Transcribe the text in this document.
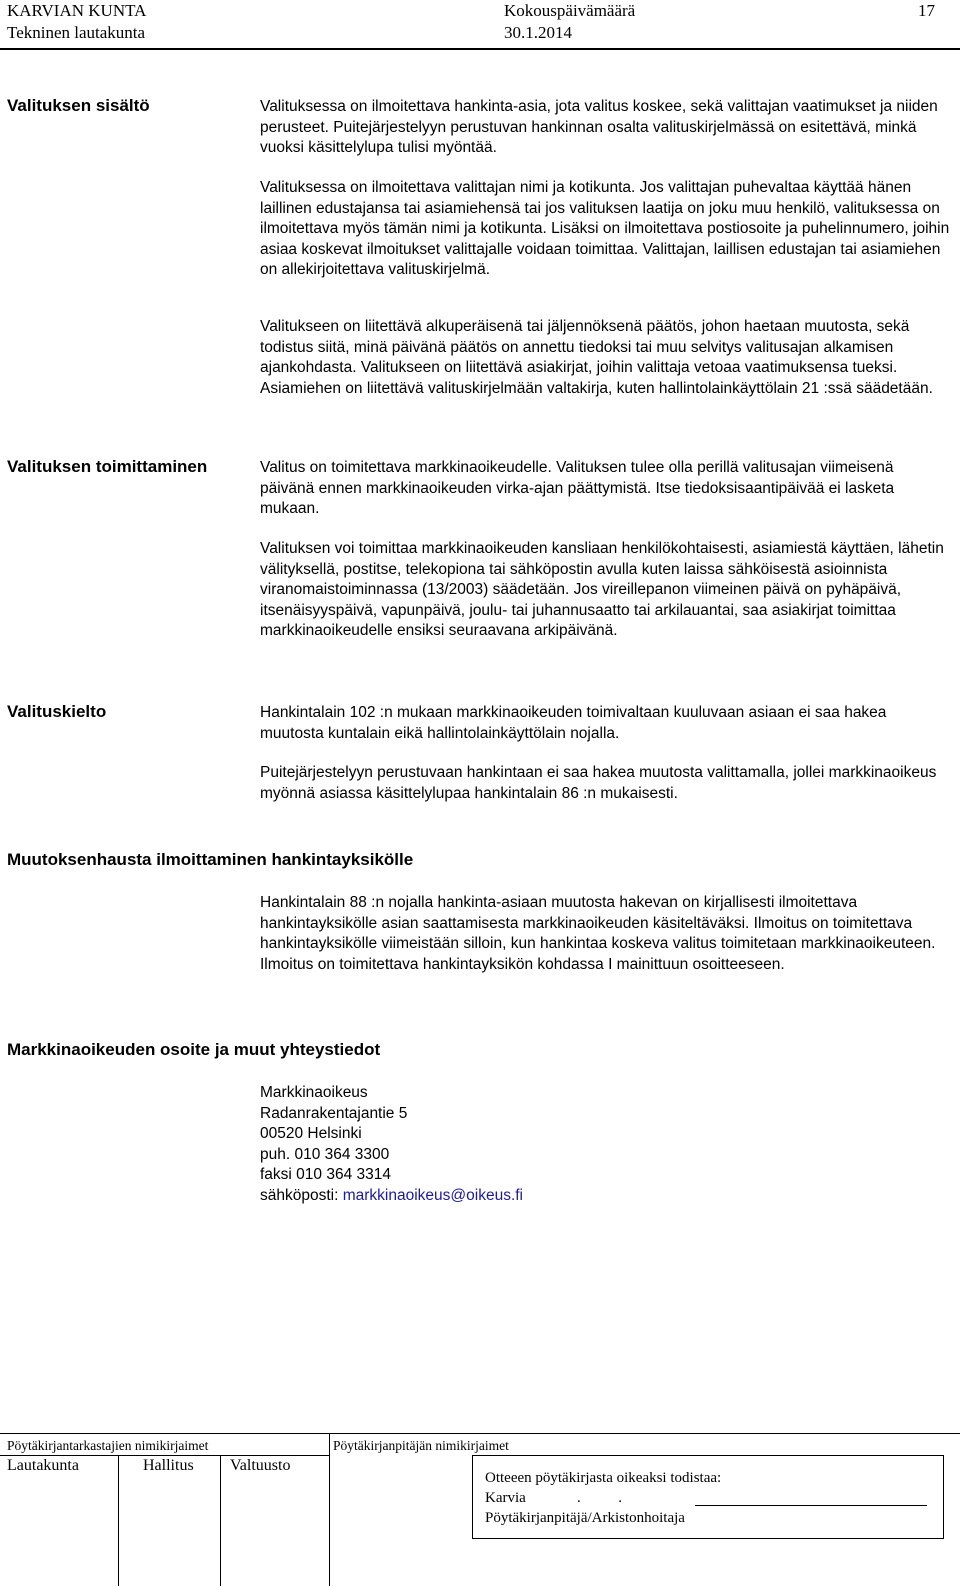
KARVIAN KUNTA
Tekninen lautakunta
Kokouspäivämäärä
30.1.2014
17
Valituksen sisältö	Valituksessa on ilmoitettava hankinta-asia, jota valitus koskee, sekä valittajan vaatimukset ja niiden perusteet. Puitejärjestelyyn perustuvan hankinnan osalta valituskirjelmässä on esitettävä, minkä vuoksi käsittelylupa tulisi myöntää.

Valituksessa on ilmoitettava valittajan nimi ja kotikunta. Jos valittajan puhevaltaa käyttää hänen laillinen edustajansa tai asiamiehensä tai jos valituksen laatija on joku muu henkilö, valituksessa on ilmoitettava myös tämän nimi ja kotikunta. Lisäksi on ilmoitettava postiosoite ja puhelinnumero, joihin asiaa koskevat ilmoitukset valittajalle voidaan toimittaa. Valittajan, laillisen edustajan tai asiamiehen on allekirjoitettava valituskirjelmä.

Valitukseen on liitettävä alkuperäisenä tai jäljennöksenä päätös, johon haetaan muutosta, sekä todistus siitä, minä päivänä päätös on annettu tiedoksi tai muu selvitys valitusajan alkamisen ajankohdasta. Valitukseen on liitettävä asiakirjat, joihin valittaja vetoaa vaatimuksensa tueksi. Asiamiehen on liitettävä valituskirjelmään valtakirja, kuten hallintolainkäyttölain 21 :ssä säädetään.

Valituksen toimittaminen	Valitus on toimitettava markkinaoikeudelle. Valituksen tulee olla perillä valitusajan viimeisenä päivänä ennen markkinaoikeuden virka-ajan päättymistä. Itse tiedoksisaantipäivää ei lasketa mukaan.

Valituksen voi toimittaa markkinaoikeuden kansliaan henkilökohtaisesti, asiamiestä käyttäen, lähetin välityksellä, postitse, telekopiona tai sähköpostin avulla kuten laissa sähköisestä asioinnista viranomaistoiminnassa (13/2003) säädetään. Jos vireillepanon viimeinen päivä on pyhäpäivä, itsenäisyyspäivä, vapunpäivä, joulu- tai juhannusaatto tai arkilauantai, saa asiakirjat toimittaa markkinaoikeudelle ensiksi seuraavana arkipäivänä.

Valituskielto	Hankintalain 102 :n mukaan markkinaoikeuden toimivaltaan kuuluvaan asiaan ei saa hakea muutosta kuntalain eikä hallintolainkäyttölain nojalla.

Puitejärjestelyyn perustuvaan hankintaan ei saa hakea muutosta valittamalla, jollei markkinaoikeus myönnä asiassa käsittelylupaa hankintalain 86 :n mukaisesti.

Muutoksenhausta ilmoittaminen hankintayksikölle

Hankintalain 88 :n nojalla hankinta-asiaan muutosta hakevan on kirjallisesti ilmoitettava hankintayksikölle asian saattamisesta markkinaoikeuden käsiteltäväksi. Ilmoitus on toimitettava hankintayksikölle viimeistään silloin, kun hankintaa koskeva valitus toimitetaan markkinaoikeuteen. Ilmoitus on toimitettava hankintayksikön kohdassa I mainittuun osoitteeseen.

Markkinaoikeuden osoite ja muut yhteystiedot
Markkinaoikeus
Radanrakentajantie 5
00520 Helsinki
puh. 010 364 3300
faksi 010 364 3314
sähköposti: markkinaoikeus@oikeus.fi
Pöytäkirjantarkastajien nimikirjaimet	Pöytäkirjanpitäjän nimikirjaimet
Lautakunta	Hallitus Valtuusto
Otteeen pöytäkirjasta oikeaksi todistaa:
Karvia	.          .
Pöytäkirjanpitäjä/Arkistonhoitaja
